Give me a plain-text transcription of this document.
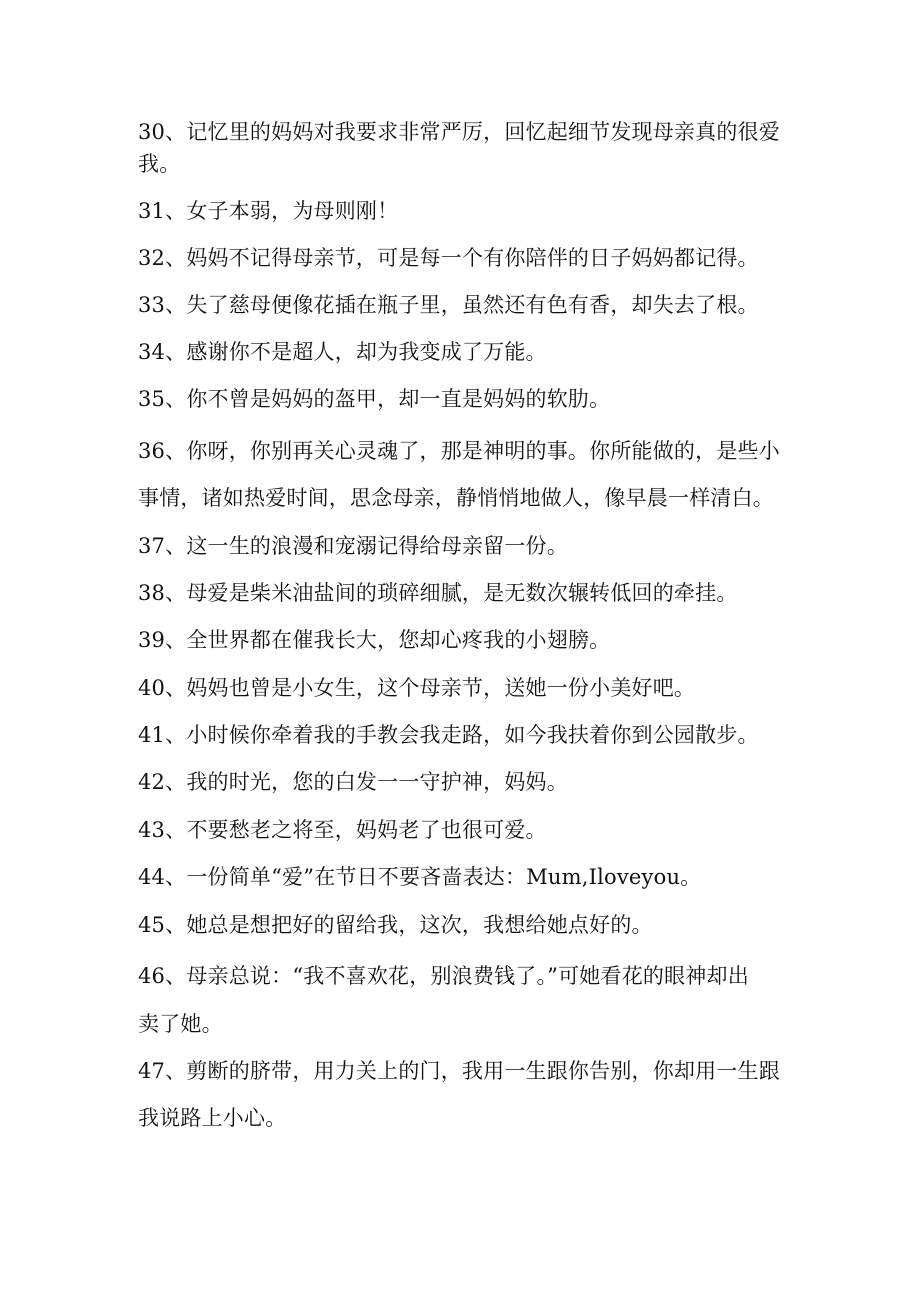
30、记忆里的妈妈对我要求非常严厉，回忆起细节发现母亲真的很爱
我。
31、女子本弱，为母则刚！
32、妈妈不记得母亲节，可是每一个有你陪伴的日子妈妈都记得。
33、失了慈母便像花插在瓶子里，虽然还有色有香，却失去了根。
34、感谢你不是超人，却为我变成了万能。
35、你不曾是妈妈的盔甲，却一直是妈妈的软肋。
36、你呀，你别再关心灵魂了，那是神明的事。你所能做的，是些小
事情，诸如热爱时间，思念母亲，静悄悄地做人，像早晨一样清白。
37、这一生的浪漫和宠溺记得给母亲留一份。
38、母爱是柴米油盐间的琐碎细腻，是无数次辗转低回的牵挂。
39、全世界都在催我长大，您却心疼我的小翅膀。
40、妈妈也曾是小女生，这个母亲节，送她一份小美好吧。
41、小时候你牵着我的手教会我走路，如今我扶着你到公园散步。
42、我的时光，您的白发一一守护神，妈妈。
43、不要愁老之将至，妈妈老了也很可爱。
44、一份简单“爱”在节日不要吝啬表达：Mum,Iloveyou。
45、她总是想把好的留给我，这次，我想给她点好的。
46、母亲总说：“我不喜欢花，别浪费钱了。”可她看花的眼神却出
卖了她。
47、剪断的脐带，用力关上的门，我用一生跟你告别，你却用一生跟
我说路上小心。
